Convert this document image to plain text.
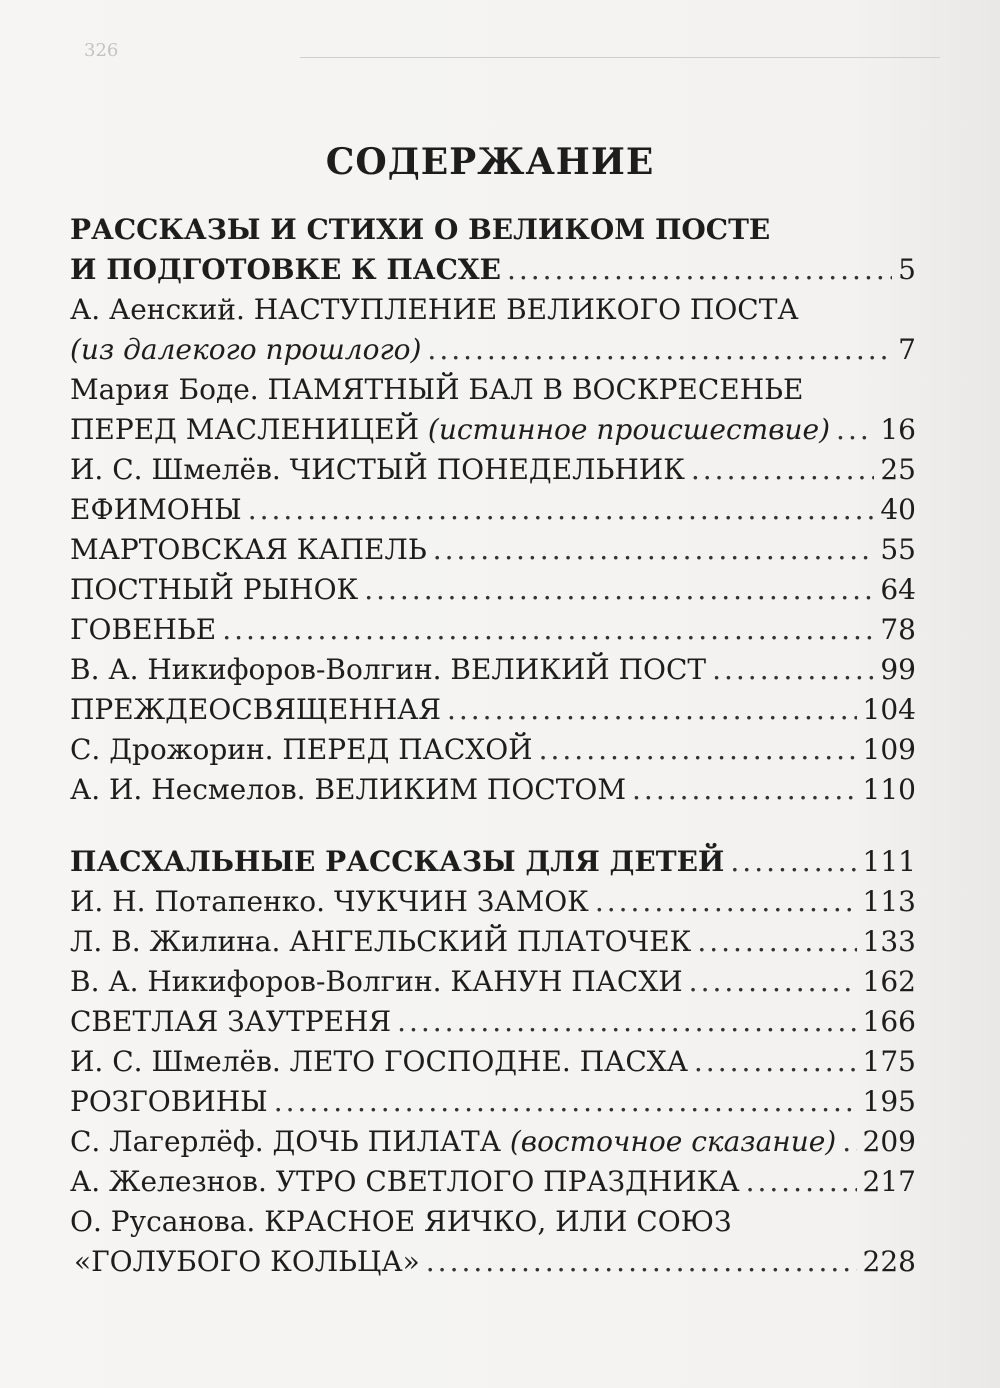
326
СОДЕРЖАНИЕ
РАССКАЗЫ И СТИХИ О ВЕЛИКОМ ПОСТЕ
И ПОДГОТОВКЕ К ПАСХЕ .....	5
А. Аенский. НАСТУПЛЕНИЕ ВЕЛИКОГО ПОСТА
(из далекого прошлого) .....	7
Мария Боде. ПАМЯТНЫЙ БАЛ В ВОСКРЕСЕНЬЕ
ПЕРЕД МАСЛЕНИЦЕЙ (истинное происшествие) ..... 16
И. С. Шмелёв. ЧИСТЫЙ ПОНЕДЕЛЬНИК .....	25
ЕФИМОНЫ .....	40
МАРТОВСКАЯ КАПЕЛЬ .....	55
ПОСТНЫЙ РЫНОК .....	64
ГОВЕНЬЕ .....	78
В. А. Никифоров-Волгин. ВЕЛИКИЙ ПОСТ .....	99
ПРЕЖДЕОСВЯЩЕННАЯ .....	104
С. Дрожорин. ПЕРЕД ПАСХОЙ .....	109
А. И. Несмелов. ВЕЛИКИМ ПОСТОМ .....	110
ПАСХАЛЬНЫЕ РАССКАЗЫ ДЛЯ ДЕТЕЙ .....	111
И. Н. Потапенко. ЧУКЧИН ЗАМОК .....	113
Л. В. Жилина. АНГЕЛЬСКИЙ ПЛАТОЧЕК .....	133
В. А. Никифоров-Волгин. КАНУН ПАСХИ .....	162
СВЕТЛАЯ ЗАУТРЕНЯ .....	166
И. С. Шмелёв. ЛЕТО ГОСПОДНЕ. ПАСХА .....	175
РОЗГОВИНЫ .....	195
С. Лагерлёф. ДОЧЬ ПИЛАТА (восточное сказание) ..... 209
А. Железнов. УТРО СВЕТЛОГО ПРАЗДНИКА .....	217
О. Русанова. КРАСНОЕ ЯИЧКО, ИЛИ СОЮЗ
«ГОЛУБОГО КОЛЬЦА» .....	228
